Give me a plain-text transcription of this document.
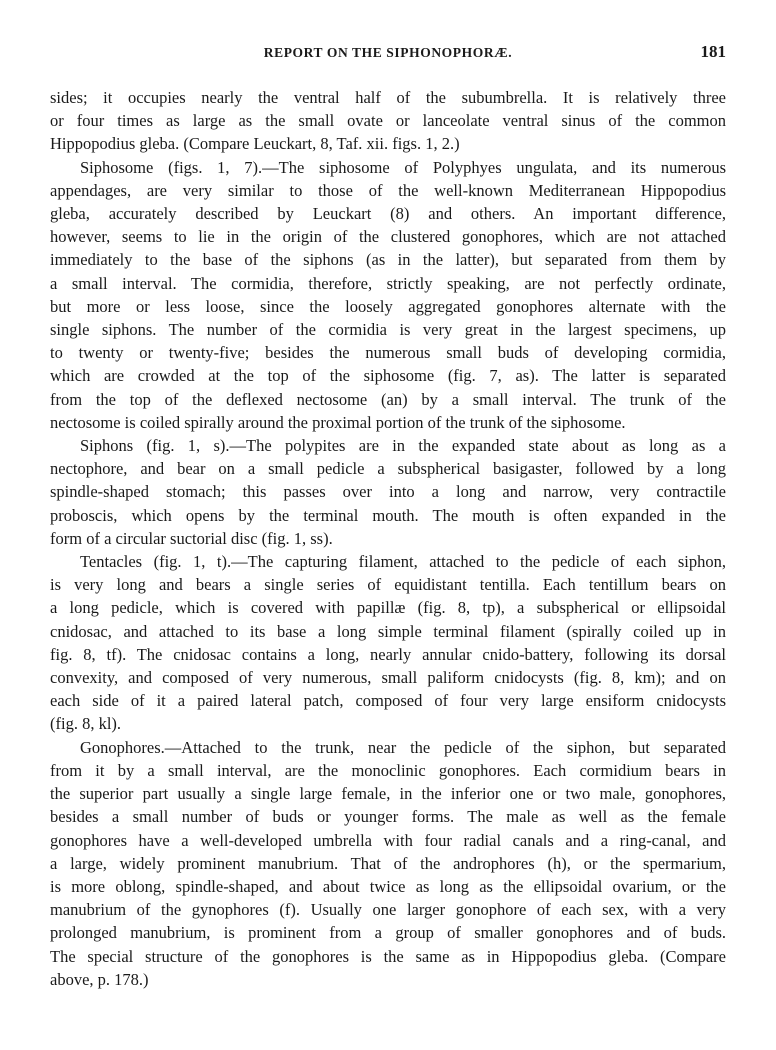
REPORT ON THE SIPHONOPHORÆ.	181

sides; it occupies nearly the ventral half of the subumbrella. It is relatively three
or four times as large as the small ovate or lanceolate ventral sinus of the common
Hippopodius gleba. (Compare Leuckart, 8, Taf. xii. figs. 1, 2.)

Siphosome (figs. 1, 7).—The siphosome of Polyphyes ungulata, and its numerous
appendages, are very similar to those of the well-known Mediterranean Hippopodius
gleba, accurately described by Leuckart (8) and others. An important difference,
however, seems to lie in the origin of the clustered gonophores, which are not attached
immediately to the base of the siphons (as in the latter), but separated from them by
a small interval. The cormidia, therefore, strictly speaking, are not perfectly ordinate,
but more or less loose, since the loosely aggregated gonophores alternate with the
single siphons. The number of the cormidia is very great in the largest specimens, up
to twenty or twenty-five; besides the numerous small buds of developing cormidia,
which are crowded at the top of the siphosome (fig. 7, as). The latter is separated
from the top of the deflexed nectosome (an) by a small interval. The trunk of the
nectosome is coiled spirally around the proximal portion of the trunk of the siphosome.

Siphons (fig. 1, s).—The polypites are in the expanded state about as long as a
nectophore, and bear on a small pedicle a subspherical basigaster, followed by a long
spindle-shaped stomach; this passes over into a long and narrow, very contractile
proboscis, which opens by the terminal mouth. The mouth is often expanded in the
form of a circular suctorial disc (fig. 1, ss).

Tentacles (fig. 1, t).—The capturing filament, attached to the pedicle of each siphon,
is very long and bears a single series of equidistant tentilla. Each tentillum bears on
a long pedicle, which is covered with papillæ (fig. 8, tp), a subspherical or ellipsoidal
cnidosac, and attached to its base a long simple terminal filament (spirally coiled up in
fig. 8, tf). The cnidosac contains a long, nearly annular cnido-battery, following its dorsal
convexity, and composed of very numerous, small paliform cnidocysts (fig. 8, km); and on
each side of it a paired lateral patch, composed of four very large ensiform cnidocysts
(fig. 8, kl).

Gonophores.—Attached to the trunk, near the pedicle of the siphon, but separated
from it by a small interval, are the monoclinic gonophores. Each cormidium bears in
the superior part usually a single large female, in the inferior one or two male, gonophores,
besides a small number of buds or younger forms. The male as well as the female
gonophores have a well-developed umbrella with four radial canals and a ring-canal, and
a large, widely prominent manubrium. That of the androphores (h), or the spermarium,
is more oblong, spindle-shaped, and about twice as long as the ellipsoidal ovarium, or the
manubrium of the gynophores (f). Usually one larger gonophore of each sex, with a very
prolonged manubrium, is prominent from a group of smaller gonophores and of buds.
The special structure of the gonophores is the same as in Hippopodius gleba. (Compare
above, p. 178.)
